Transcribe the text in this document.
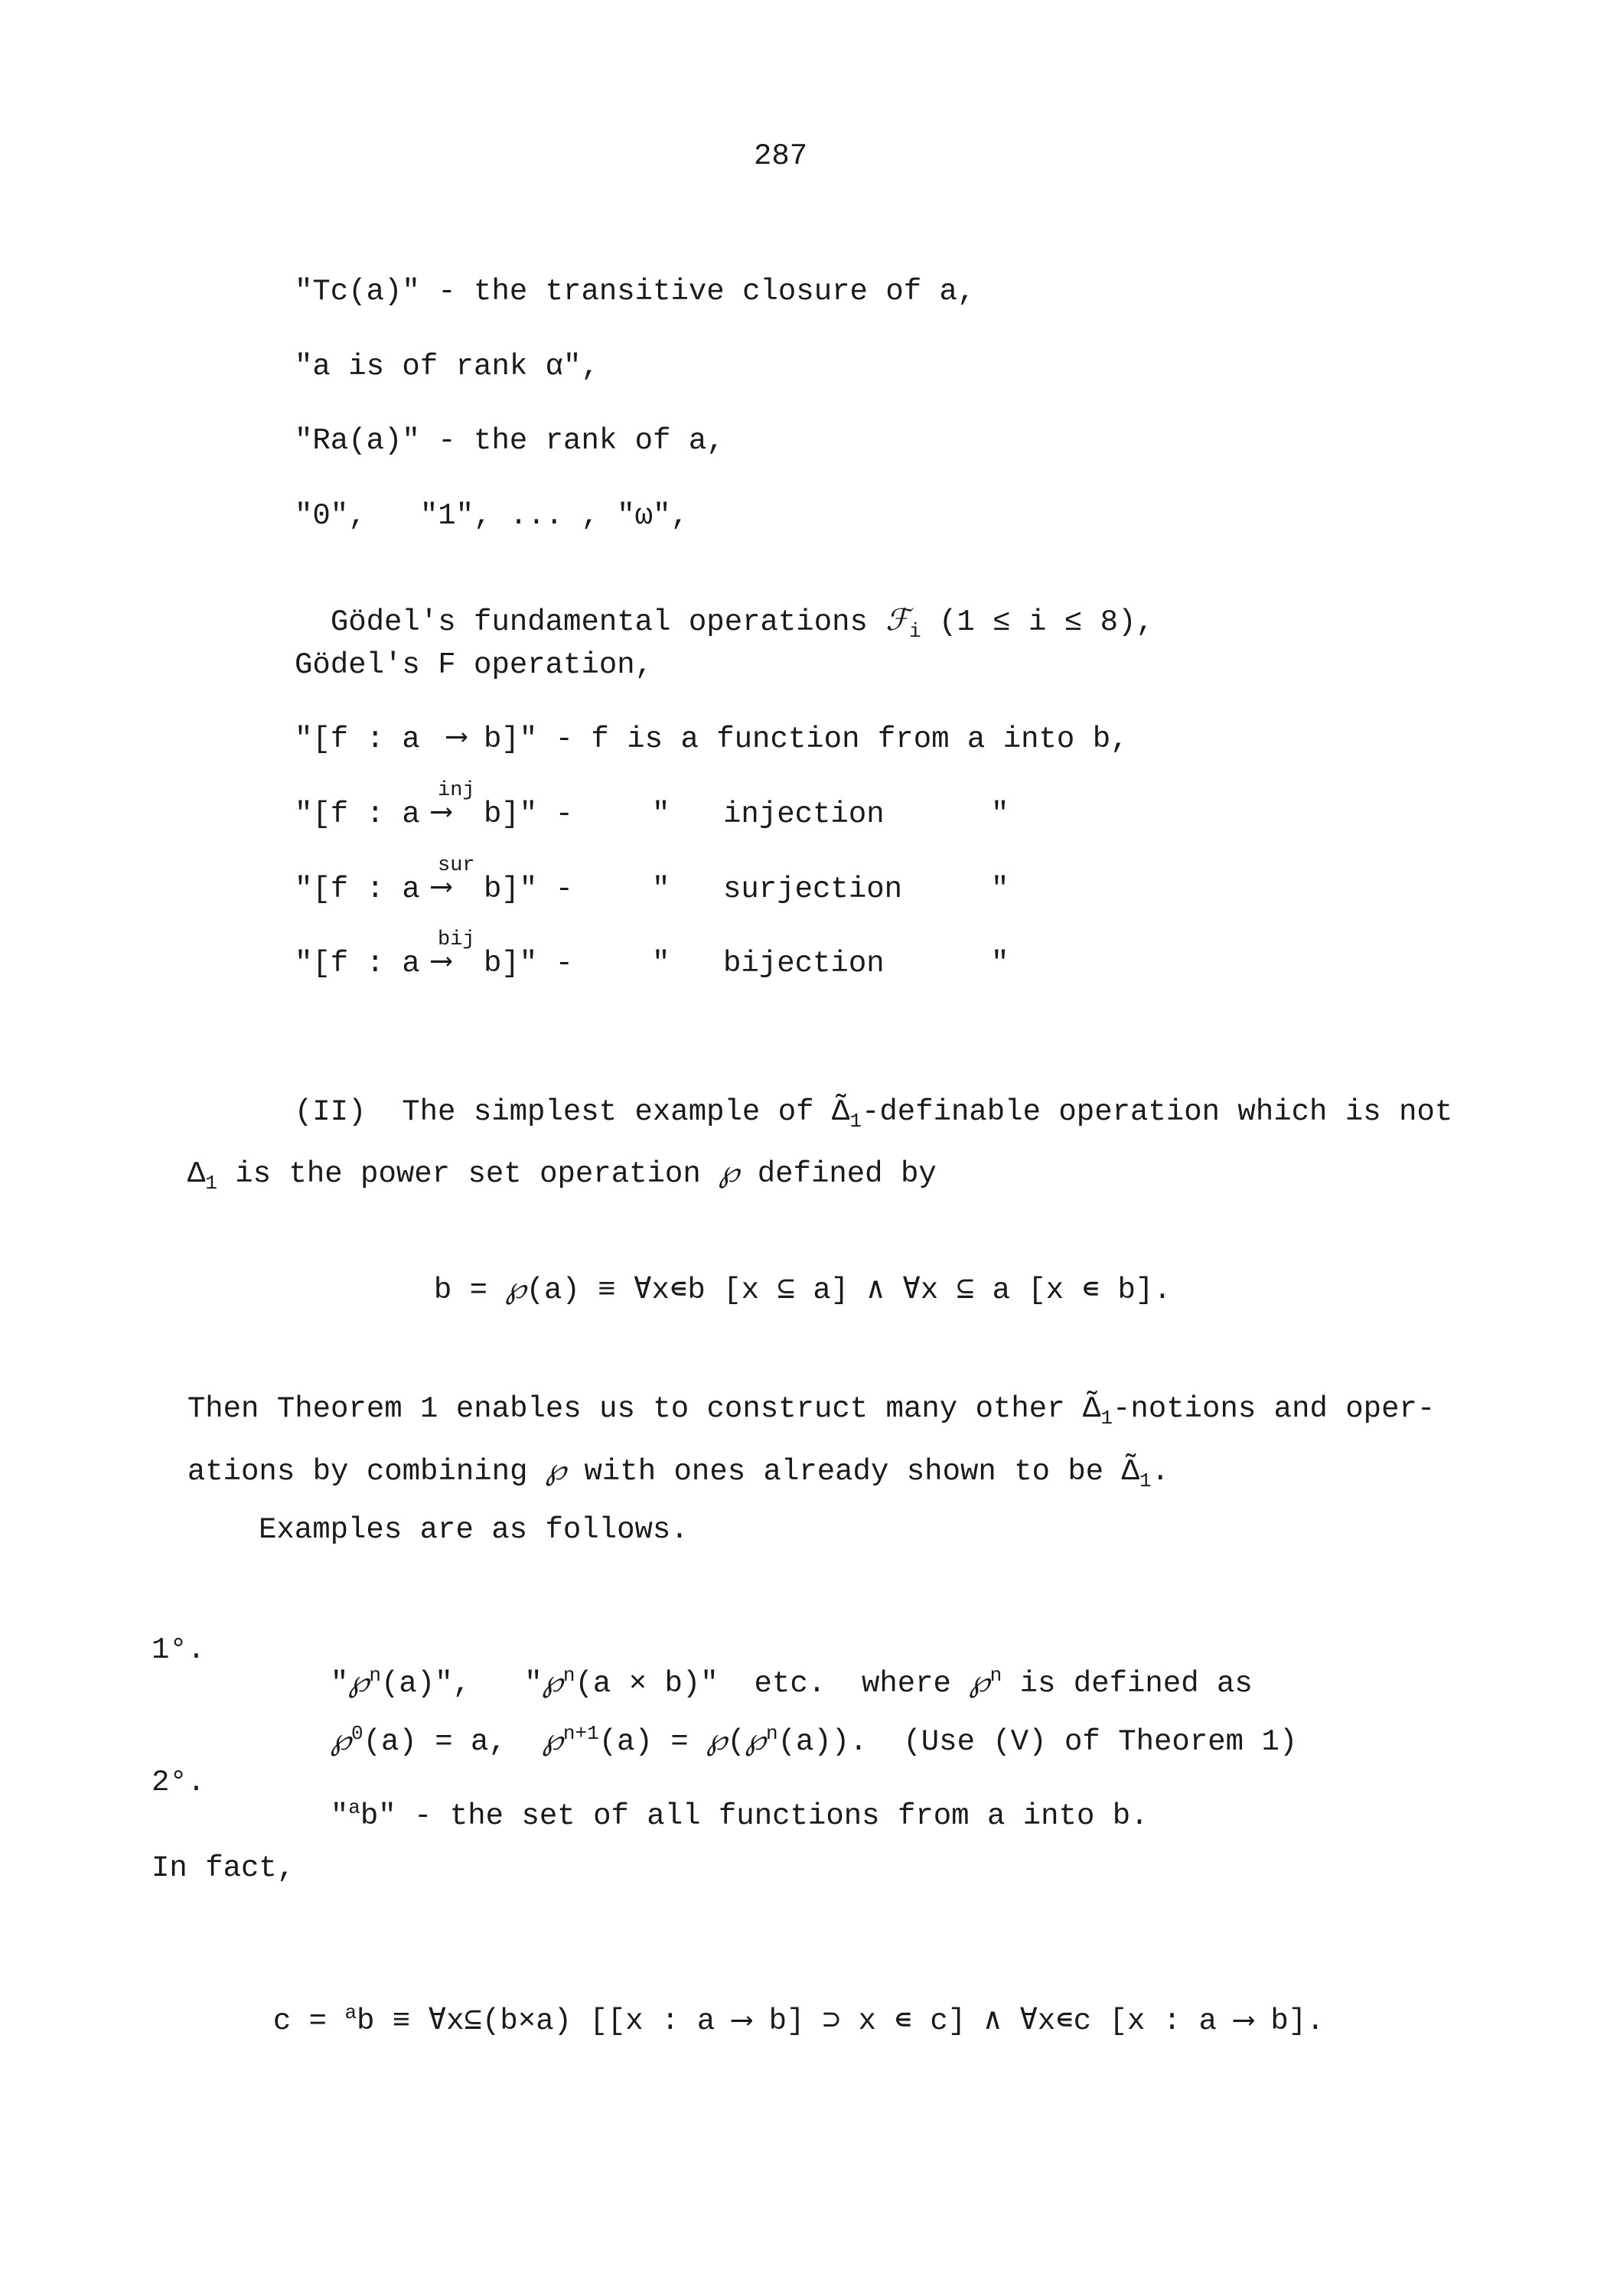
287
"Tc(a)" - the transitive closure of a,
"a is of rank α",
"Ra(a)" - the rank of a,
"0",   "1", ... , "ω",

Gödel's fundamental operations ℱ$_i$ (1 ≤ i ≤ 8),

Gödel's F operation,
"[f : a ⟶ b]" - f is a function from a into b,
"[f : a
inj
⟶ b]" -	" injection	"
"[f : a
sur
⟶ b]" -	" surjection	"
"[f : a
bij
⟶ b]" -	" bijection	"

(II)  The simplest example of $\Deltã_1$-definable operation which is not

$\Delta_1$ is the power set operation ℘ defined by

b = ℘(a) ≡ ∀x∊b [x ⊆ a] ∧ ∀x ⊆ a [x ∊ b].

Then Theorem 1 enables us to construct many other $\Deltã_1$-notions and oper-

ations by combining ℘ with ones already shown to be $\Deltã_1$.

Examples are as follows.
1°.

"℘$^n$(a)",   "℘$^n$(a × b)"  etc.  where ℘$^n$ is defined as

℘$^0$(a) = a,  ℘$^{n+1}$(a) = ℘(℘$^n$(a)).  (Use (V) of Theorem 1)

2°.

"$^a$b" - the set of all functions from a into b.

In fact,

c = $^a$b ≡ ∀x⊆(b×a) [[x : a ⟶ b] ⊃ x ∊ c] ∧ ∀x∊c [x : a ⟶ b].
